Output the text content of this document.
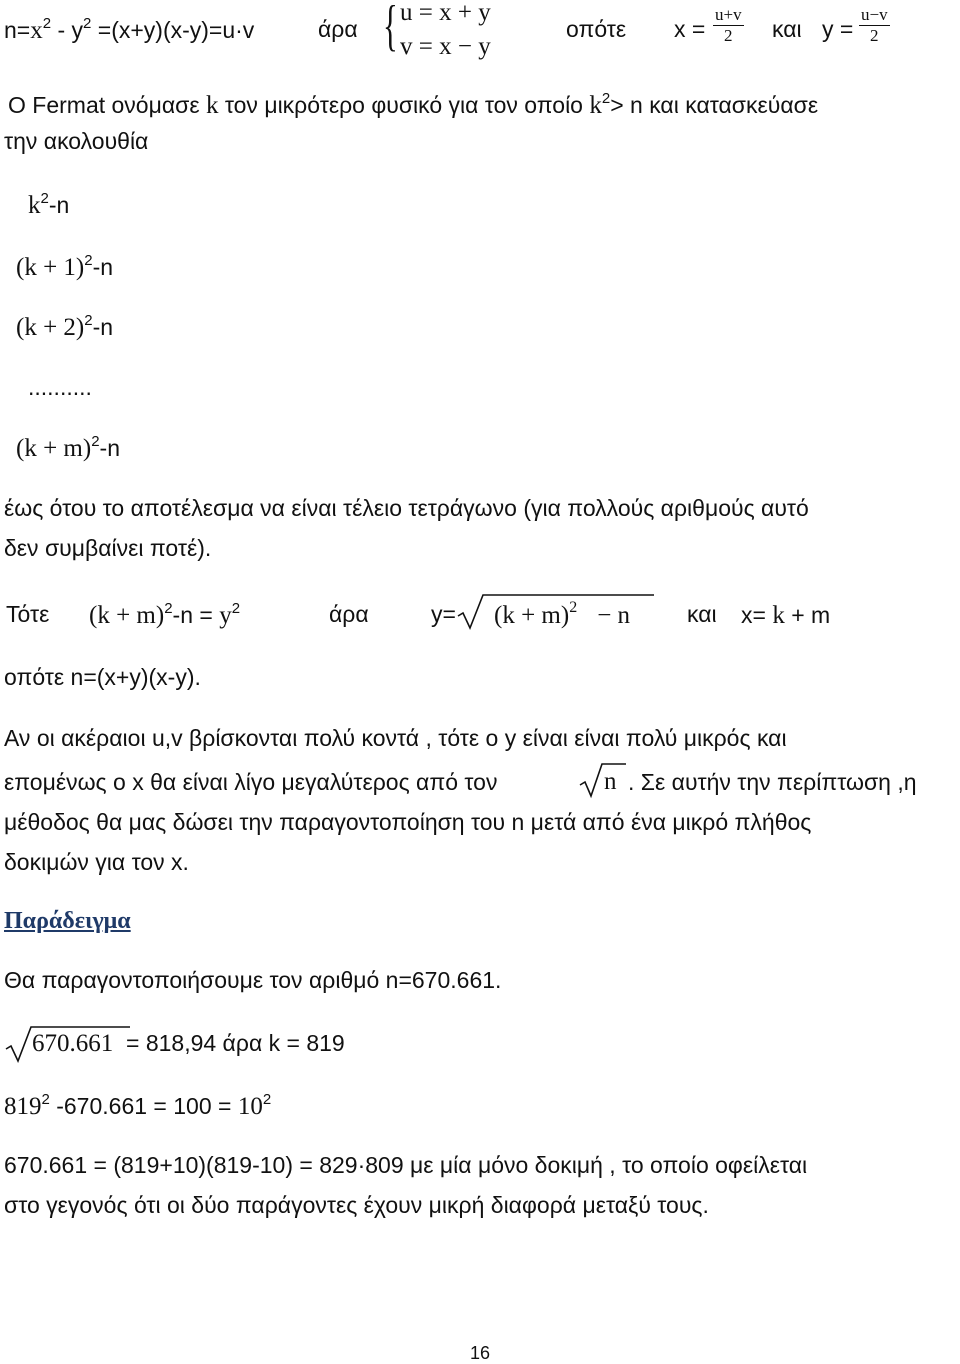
$n=x^2 - y^2 =(x+y)(x-y)=u\cdot v$	άρα { u = x + y
v = x − y
οπότε $x = \frac{u+v}{2}$ και $y = \frac{u-v}{2}$
Ο Fermat ονόμασε k τον μικρότερο φυσικό για τον οποίο $k^2> n$ και κατασκεύασε
την ακολουθία
$k^2-n$
$(k + 1)^2-n$
$(k + 2)^2-n$
..........
$(k + m)^2-n$
έως ότου το αποτέλεσμα να είναι τέλειο τετράγωνο (για πολλούς αριθμούς αυτό
δεν συμβαίνει ποτέ).
Τότε $(k + m)^2-n = y^2$	άρα	$y= (k + m)^2 - n$ και x= k + m
οπότε n=(x+y)(x-y).
Αν οι ακέραιοι u,v βρίσκονται πολύ κοντά , τότε ο y είναι είναι πολύ μικρός και
επομένως ο x θα είναι λίγο μεγαλύτερος από τον	n . Σε αυτήν την περίπτωση ,η
μέθοδος θα μας δώσει την παραγοντοποίηση του n μετά από ένα μικρό πλήθος
δοκιμών για τον x.
Παράδειγμα
Θα παραγοντοποιήσουμε τον αριθμό n=670.661.
670.661 = 818,94 άρα k = 819
$819^2$ $-670.661 = 100 = 10^2$
670.661 = (819+10)(819-10) = 829·809 με μία μόνο δοκιμή , το οποίο οφείλεται
στο γεγονός ότι οι δύο παράγοντες έχουν μικρή διαφορά μεταξύ τους.
16
